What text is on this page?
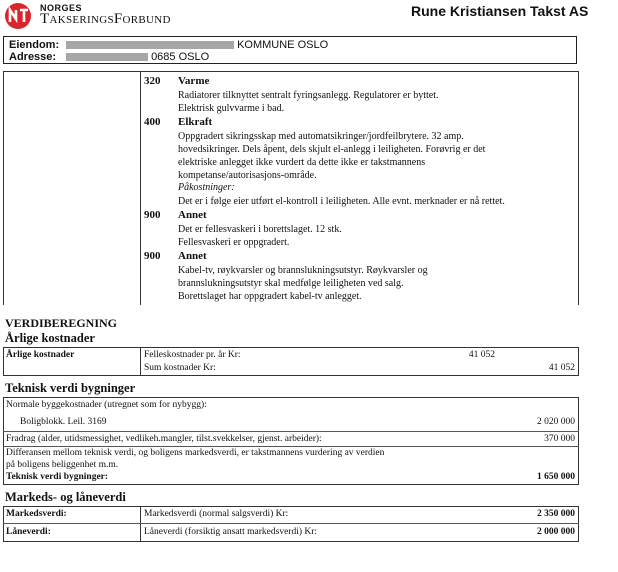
NORGES
TakseringsForbund	Rune Kristiansen Takst AS
Eiendom:	KOMMUNE OSLO
Adresse:	0685 OSLO
320 Varme
Radiatorer tilknyttet sentralt fyringsanlegg. Regulatorer er byttet.
Elektrisk gulvvarme i bad.
400 Elkraft
Oppgradert sikringsskap med automatsikringer/jordfeilbrytere. 32 amp.
hovedsikringer. Dels åpent, dels skjult el-anlegg i leiligheten. Forøvrig er det
elektriske anlegget ikke vurdert da dette ikke er takstmannens
kompetanse/autorisasjons-område.
Påkostninger:
Det er i følge eier utført el-kontroll i leiligheten. Alle evnt. merknader er nå rettet.
900 Annet
Det er fellesvaskeri i borettslaget. 12 stk.
Fellesvaskeri er oppgradert.
900 Annet
Kabel-tv, røykvarsler og brannslukningsutstyr. Røykvarsler og
brannslukningsutstyr skal medfølge leiligheten ved salg.
Borettslaget har oppgradert kabel-tv anlegget.
VERDIBEREGNING
Årlige kostnader
Årlige kostnader	Felleskostnader pr. år Kr:	41 052
Sum kostnader Kr:	41 052
Teknisk verdi bygninger
Normale byggekostnader (utregnet som for nybygg):
Boligblokk. Leil. 3169	2 020 000
Fradrag (alder, utidsmessighet, vedlikeh.mangler, tilst.svekkelser, gjenst. arbeider):	370 000
Differansen mellom teknisk verdi, og boligens markedsverdi, er takstmannens vurdering av verdien
på boligens beliggenhet m.m.
Teknisk verdi bygninger:	1 650 000
Markeds- og låneverdi
Markedsverdi:	Markedsverdi (normal salgsverdi) Kr:	2 350 000
Låneverdi:	Låneverdi (forsiktig ansatt markedsverdi) Kr:	2 000 000
